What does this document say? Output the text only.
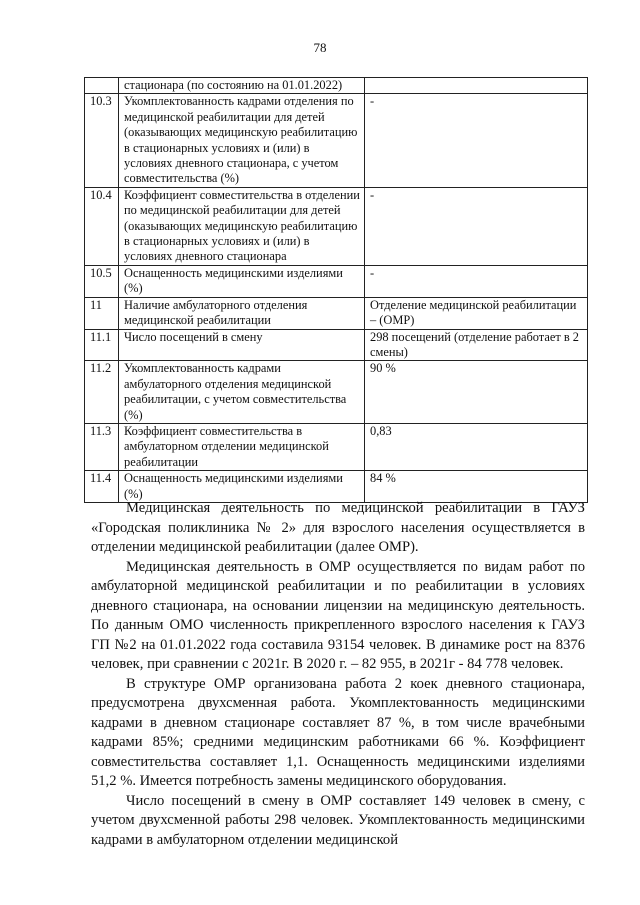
78
	стационара (по состоянию на 01.01.2022)	
10.3	Укомплектованность кадрами отделения по медицинской реабилитации для детей (оказывающих медицинскую реабилитацию в стационарных условиях и (или) в условиях дневного стационара, с учетом совместительства (%)	-
10.4	Коэффициент совместительства в отделении по медицинской реабилитации для детей (оказывающих медицинскую реабилитацию в стационарных условиях и (или) в условиях дневного стационара	-
10.5	Оснащенность медицинскими изделиями (%)	-
11	Наличие амбулаторного отделения медицинской реабилитации	Отделение медицинской реабилитации – (ОМР)
11.1	Число посещений в смену	298 посещений (отделение работает в 2 смены)
11.2	Укомплектованность кадрами амбулаторного отделения медицинской реабилитации, с учетом совместительства (%)	90 %
11.3	Коэффициент совместительства в амбулаторном отделении медицинской реабилитации	0,83
11.4	Оснащенность медицинскими изделиями (%)	84 %

Медицинская деятельность по медицинской реабилитации в ГАУЗ «Городская поликлиника № 2» для взрослого населения осуществляется в отделении медицинской реабилитации (далее ОМР).

Медицинская деятельность в ОМР осуществляется по видам работ по амбулаторной медицинской реабилитации и по реабилитации в условиях дневного стационара, на основании лицензии на медицинскую деятельность. По данным ОМО численность прикрепленного взрослого населения к ГАУЗ ГП №2 на 01.01.2022 года составила 93154 человек. В динамике рост на 8376 человек, при сравнении с 2021г. В 2020 г. – 82 955, в 2021г - 84 778 человек.

В структуре ОМР организована работа 2 коек дневного стационара, предусмотрена двухсменная работа. Укомплектованность медицинскими кадрами в дневном стационаре составляет 87 %, в том числе врачебными кадрами 85%; средними медицинским работниками 66 %. Коэффициент совместительства составляет 1,1. Оснащенность медицинскими изделиями 51,2 %. Имеется потребность замены медицинского оборудования.

Число посещений в смену в ОМР составляет 149 человек в смену, с учетом двухсменной работы 298 человек. Укомплектованность медицинскими кадрами в амбулаторном отделении медицинской
